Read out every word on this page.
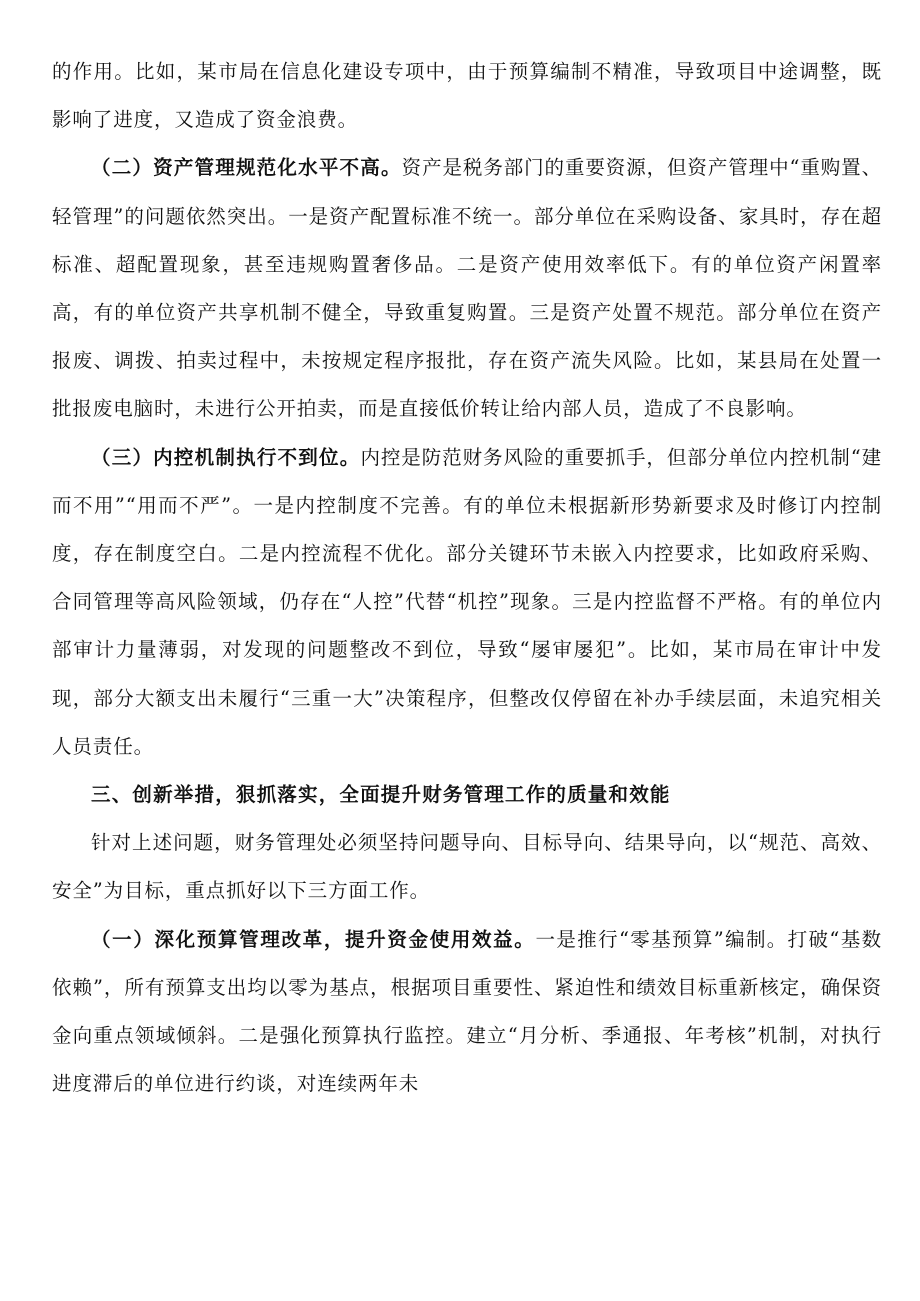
的作用。比如，某市局在信息化建设专项中，由于预算编制不精准，导致项目中途调整，既影响了进度，又造成了资金浪费。

（二）资产管理规范化水平不高。资产是税务部门的重要资源，但资产管理中“重购置、轻管理”的问题依然突出。一是资产配置标准不统一。部分单位在采购设备、家具时，存在超标准、超配置现象，甚至违规购置奢侈品。二是资产使用效率低下。有的单位资产闲置率高，有的单位资产共享机制不健全，导致重复购置。三是资产处置不规范。部分单位在资产报废、调拨、拍卖过程中，未按规定程序报批，存在资产流失风险。比如，某县局在处置一批报废电脑时，未进行公开拍卖，而是直接低价转让给内部人员，造成了不良影响。

（三）内控机制执行不到位。内控是防范财务风险的重要抓手，但部分单位内控机制“建而不用”“用而不严”。一是内控制度不完善。有的单位未根据新形势新要求及时修订内控制度，存在制度空白。二是内控流程不优化。部分关键环节未嵌入内控要求，比如政府采购、合同管理等高风险领域，仍存在“人控”代替“机控”现象。三是内控监督不严格。有的单位内部审计力量薄弱，对发现的问题整改不到位，导致“屡审屡犯”。比如，某市局在审计中发现，部分大额支出未履行“三重一大”决策程序，但整改仅停留在补办手续层面，未追究相关人员责任。

三、创新举措，狠抓落实，全面提升财务管理工作的质量和效能

针对上述问题，财务管理处必须坚持问题导向、目标导向、结果导向，以“规范、高效、安全”为目标，重点抓好以下三方面工作。

（一）深化预算管理改革，提升资金使用效益。一是推行“零基预算”编制。打破“基数依赖”，所有预算支出均以零为基点，根据项目重要性、紧迫性和绩效目标重新核定，确保资金向重点领域倾斜。二是强化预算执行监控。建立“月分析、季通报、年考核”机制，对执行进度滞后的单位进行约谈，对连续两年未
